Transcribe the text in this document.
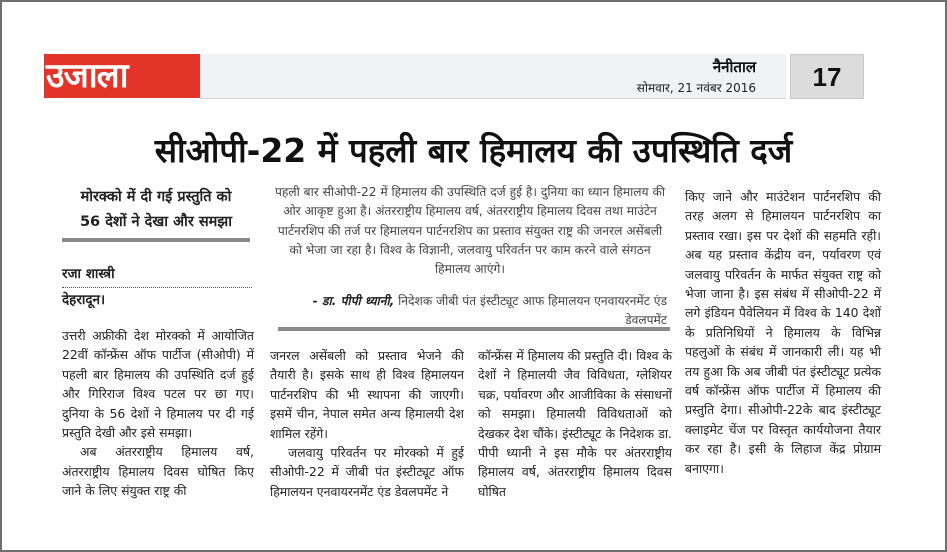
उजाला	नैनीताल
सोमवार, 21 नवंबर 2016	17
सीओपी-22 में पहली बार हिमालय की उपस्थिति दर्ज
मोरक्को में दी गई प्रस्तुति को
56 देशों ने देखा और समझा
रजा शास्त्री
देहरादून।
पहली बार सीओपी-22 में हिमालय की उपस्थिति दर्ज हुई है। दुनिया का ध्यान हिमालय की ओर आकृष्ट हुआ है। अंतरराष्ट्रीय हिमालय वर्ष, अंतरराष्ट्रीय हिमालय दिवस तथा माउंटेन पार्टनरशिप की तर्ज पर हिमालयन पार्टनरशिप का प्रस्ताव संयुक्त राष्ट्र की जनरल असेंबली को भेजा जा रहा है। विश्व के विज्ञानी, जलवायु परिवर्तन पर काम करने वाले संगठन हिमालय आएंगे।
- डा. पीपी ध्यानी, निदेशक जीबी पंत इंस्टीट्यूट आफ हिमालयन एनवायरनमेंट एंड डेवलपमेंट

उत्तरी अफ्रीकी देश मोरक्को में आयोजित 22वीं कॉन्फ्रेंस ऑफ पार्टीज (सीओपी) में पहली बार हिमालय की उपस्थिति दर्ज हुई और गिरिराज विश्व पटल पर छा गए। दुनिया के 56 देशों ने हिमालय पर दी गई प्रस्तुति देखी और इसे समझा।

अब अंतरराष्ट्रीय हिमालय वर्ष, अंतरराष्ट्रीय हिमालय दिवस घोषित किए जाने के लिए संयुक्त राष्ट्र की

जनरल असेंबली को प्रस्ताव भेजने की तैयारी है। इसके साथ ही विश्व हिमालयन पार्टनरशिप की भी स्थापना की जाएगी। इसमें चीन, नेपाल समेत अन्य हिमालयी देश शामिल रहेंगे।

जलवायु परिवर्तन पर मोरक्को में हुई सीओपी-22 में जीबी पंत इंस्टीट्यूट ऑफ हिमालयन एनवायरनमेंट एंड डेवलपमेंट ने

कॉन्फ्रेंस में हिमालय की प्रस्तुति दी। विश्व के देशों ने हिमालयी जैव विविधता, ग्लेशियर चक्र, पर्यावरण और आजीविका के संसाधनों को समझा। हिमालयी विविधताओं को देखकर देश चौंके। इंस्टीट्यूट के निदेशक डा. पीपी ध्यानी ने इस मौके पर अंतरराष्ट्रीय हिमालय वर्ष, अंतरराष्ट्रीय हिमालय दिवस घोषित

किए जाने और माउंटेशन पार्टनरशिप की तरह अलग से हिमालयन पार्टनरशिप का प्रस्ताव रखा। इस पर देशों की सहमति रही। अब यह प्रस्ताव केंद्रीय वन, पर्यावरण एवं जलवायु परिवर्तन के मार्फत संयुक्त राष्ट्र को भेजा जाना है। इस संबंध में सीओपी-22 में लगे इंडियन पैवेलियन में विश्व के 140 देशों के प्रतिनिधियों ने हिमालय के विभिन्न पहलुओं के संबंध में जानकारी ली। यह भी तय हुआ कि अब जीबी पंत इंस्टीट्यूट प्रत्येक वर्ष कॉन्फ्रेंस ऑफ पार्टीज में हिमालय की प्रस्तुति देगा। सीओपी-22के बाद इंस्टीट्यूट क्लाइमेट चेंज पर विस्तृत कार्ययोजना तैयार कर रहा है। इसी के लिहाज केंद्र प्रोग्राम बनाएगा।
